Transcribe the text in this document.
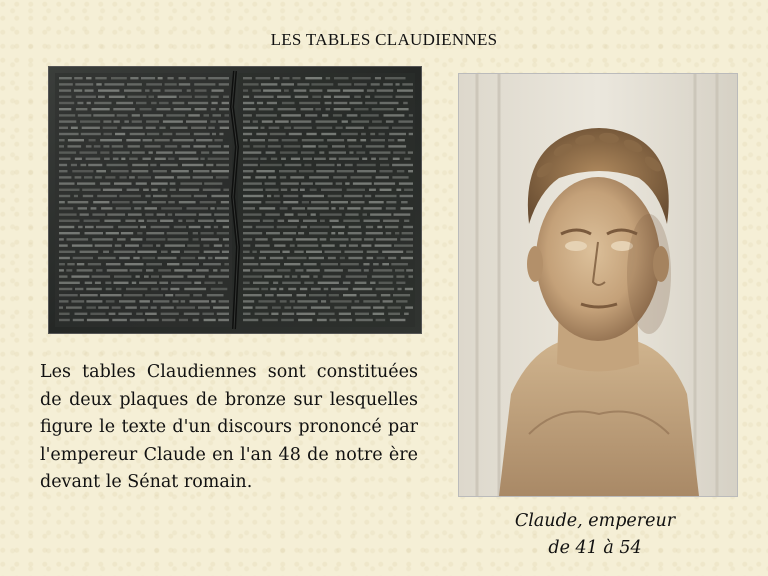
LES TABLES CLAUDIENNES

Les tables Claudiennes sont constituées de deux plaques de bronze sur lesquelles figure le texte d'un discours prononcé par l'empereur Claude en l'an 48 de notre ère devant le Sénat romain.

Claude, empereur
de 41 à 54
